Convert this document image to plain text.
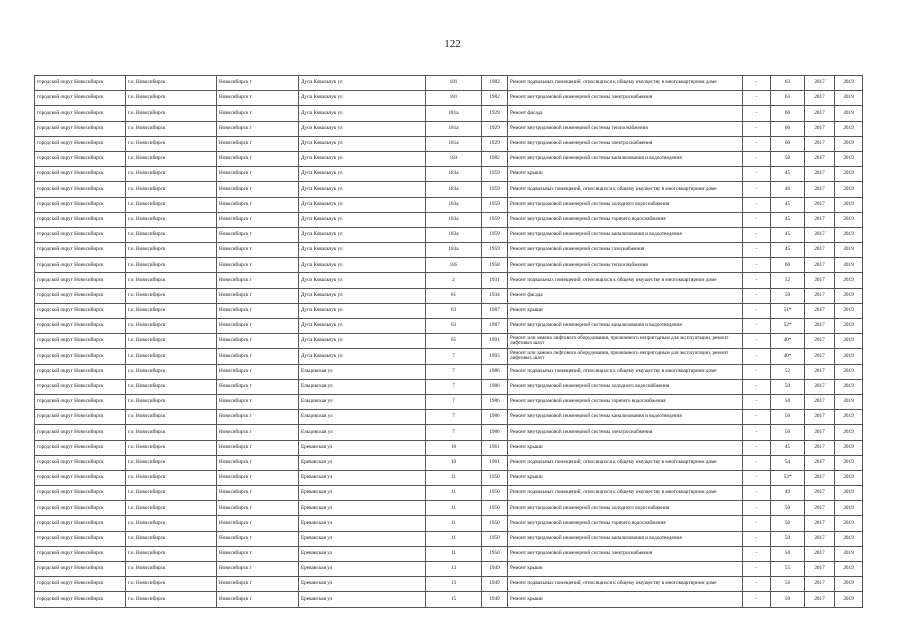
122
городской округ Новосибирск	г.о. Новосибирск	Новосибирск г	Дуси Ковальчук ул	181	1982	Ремонт подвальных помещений, относящихся к общему имуществу в многоквартирном доме	-	63	2017	2019
городской округ Новосибирск	г.о. Новосибирск	Новосибирск г	Дуси Ковальчук ул	181	1982	Ремонт внутридомовой инженерной системы электроснабжения	-	63	2017	2019
городской округ Новосибирск	г.о. Новосибирск	Новосибирск г	Дуси Ковальчук ул	181а	1929	Ремонт фасада	-	60	2017	2019
городской округ Новосибирск	г.о. Новосибирск	Новосибирск г	Дуси Ковальчук ул	181а	1929	Ремонт внутридомовой инженерной системы теплоснабжения	-	60	2017	2019
городской округ Новосибирск	г.о. Новосибирск	Новосибирск г	Дуси Ковальчук ул	181а	1929	Ремонт внутридомовой инженерной системы электроснабжения	-	60	2017	2019
городской округ Новосибирск	г.о. Новосибирск	Новосибирск г	Дуси Ковальчук ул	183	1982	Ремонт внутридомовой инженерной системы канализования и водоотведения	-	50	2017	2019
городской округ Новосибирск	г.о. Новосибирск	Новосибирск г	Дуси Ковальчук ул	183а	1959	Ремонт крыши	-	45	2017	2019
городской округ Новосибирск	г.о. Новосибирск	Новосибирск г	Дуси Ковальчук ул	183а	1959	Ремонт подвальных помещений, относящихся к общему имуществу в многоквартирном доме	-	40	2017	2019
городской округ Новосибирск	г.о. Новосибирск	Новосибирск г	Дуси Ковальчук ул	183а	1959	Ремонт внутридомовой инженерной системы холодного водоснабжения	-	45	2017	2019
городской округ Новосибирск	г.о. Новосибирск	Новосибирск г	Дуси Ковальчук ул	183а	1959	Ремонт внутридомовой инженерной системы горячего водоснабжения	-	45	2017	2019
городской округ Новосибирск	г.о. Новосибирск	Новосибирск г	Дуси Ковальчук ул	183а	1959	Ремонт внутридомовой инженерной системы канализования и водоотведения	-	45	2017	2019
городской округ Новосибирск	г.о. Новосибирск	Новосибирск г	Дуси Ковальчук ул	183а	1959	Ремонт внутридомовой инженерной системы газоснабжения	-	45	2017	2019
городской округ Новосибирск	г.о. Новосибирск	Новосибирск г	Дуси Ковальчук ул	185	1958	Ремонт внутридомовой инженерной системы теплоснабжения	-	60	2017	2019
городской округ Новосибирск	г.о. Новосибирск	Новосибирск г	Дуси Ковальчук ул	2	1931	Ремонт подвальных помещений, относящихся к общему имуществу в многоквартирном доме	-	52	2017	2019
городской округ Новосибирск	г.о. Новосибирск	Новосибирск г	Дуси Ковальчук ул	61	1934	Ремонт фасада	-	50	2017	2019
городской округ Новосибирск	г.о. Новосибирск	Новосибирск г	Дуси Ковальчук ул	63	1987	Ремонт крыши	-	51*	2017	2019
городской округ Новосибирск	г.о. Новосибирск	Новосибирск г	Дуси Ковальчук ул	63	1987	Ремонт внутридомовой инженерной системы канализования и водоотведения	-	52*	2017	2019
городской округ Новосибирск	г.о. Новосибирск	Новосибирск г	Дуси Ковальчук ул	65	1991	Ремонт или замена лифтового оборудования, признанного непригодным для эксплуатации, ремонт лифтовых шахт	-	40*	2017	2019
городской округ Новосибирск	г.о. Новосибирск	Новосибирск г	Дуси Ковальчук ул	7	1993	Ремонт или замена лифтового оборудования, признанного непригодным для эксплуатации, ремонт лифтовых шахт	-	40*	2017	2019
городской округ Новосибирск	г.о. Новосибирск	Новосибирск г	Ельцовская ул	7	1986	Ремонт подвальных помещений, относящихся к общему имуществу в многоквартирном доме	-	52	2017	2019
городской округ Новосибирск	г.о. Новосибирск	Новосибирск г	Ельцовская ул	7	1986	Ремонт внутридомовой инженерной системы холодного водоснабжения	-	50	2017	2019
городской округ Новосибирск	г.о. Новосибирск	Новосибирск г	Ельцовская ул	7	1986	Ремонт внутридомовой инженерной системы горячего водоснабжения	-	50	2017	2019
городской округ Новосибирск	г.о. Новосибирск	Новосибирск г	Ельцовская ул	7	1986	Ремонт внутридомовой инженерной системы канализования и водоотведения	-	50	2017	2019
городской округ Новосибирск	г.о. Новосибирск	Новосибирск г	Ельцовская ул	7	1986	Ремонт внутридомовой инженерной системы электроснабжения	-	50	2017	2019
городской округ Новосибирск	г.о. Новосибирск	Новосибирск г	Ереванская ул	10	1961	Ремонт крыши	-	45	2017	2019
городской округ Новосибирск	г.о. Новосибирск	Новосибирск г	Ереванская ул	10	1961	Ремонт подвальных помещений, относящихся к общему имуществу в многоквартирном доме	-	54	2017	2019
городской округ Новосибирск	г.о. Новосибирск	Новосибирск г	Ереванская ул	11	1950	Ремонт крыши	-	53*	2017	2019
городской округ Новосибирск	г.о. Новосибирск	Новосибирск г	Ереванская ул	11	1950	Ремонт подвальных помещений, относящихся к общему имуществу в многоквартирном доме	-	49	2017	2019
городской округ Новосибирск	г.о. Новосибирск	Новосибирск г	Ереванская ул	11	1950	Ремонт внутридомовой инженерной системы холодного водоснабжения	-	50	2017	2019
городской округ Новосибирск	г.о. Новосибирск	Новосибирск г	Ереванская ул	11	1950	Ремонт внутридомовой инженерной системы горячего водоснабжения	-	50	2017	2019
городской округ Новосибирск	г.о. Новосибирск	Новосибирск г	Ереванская ул	11	1950	Ремонт внутридомовой инженерной системы канализования и водоотведения	-	50	2017	2019
городской округ Новосибирск	г.о. Новосибирск	Новосибирск г	Ереванская ул	11	1950	Ремонт внутридомовой инженерной системы электроснабжения	-	50	2017	2019
городской округ Новосибирск	г.о. Новосибирск	Новосибирск г	Ереванская ул	13	1949	Ремонт крыши	-	55	2017	2019
городской округ Новосибирск	г.о. Новосибирск	Новосибирск г	Ереванская ул	13	1949	Ремонт подвальных помещений, относящихся к общему имуществу в многоквартирном доме	-	56	2017	2019
городской округ Новосибирск	г.о. Новосибирск	Новосибирск г	Ереванская ул	15	1949	Ремонт крыши	-	50	2017	2019
